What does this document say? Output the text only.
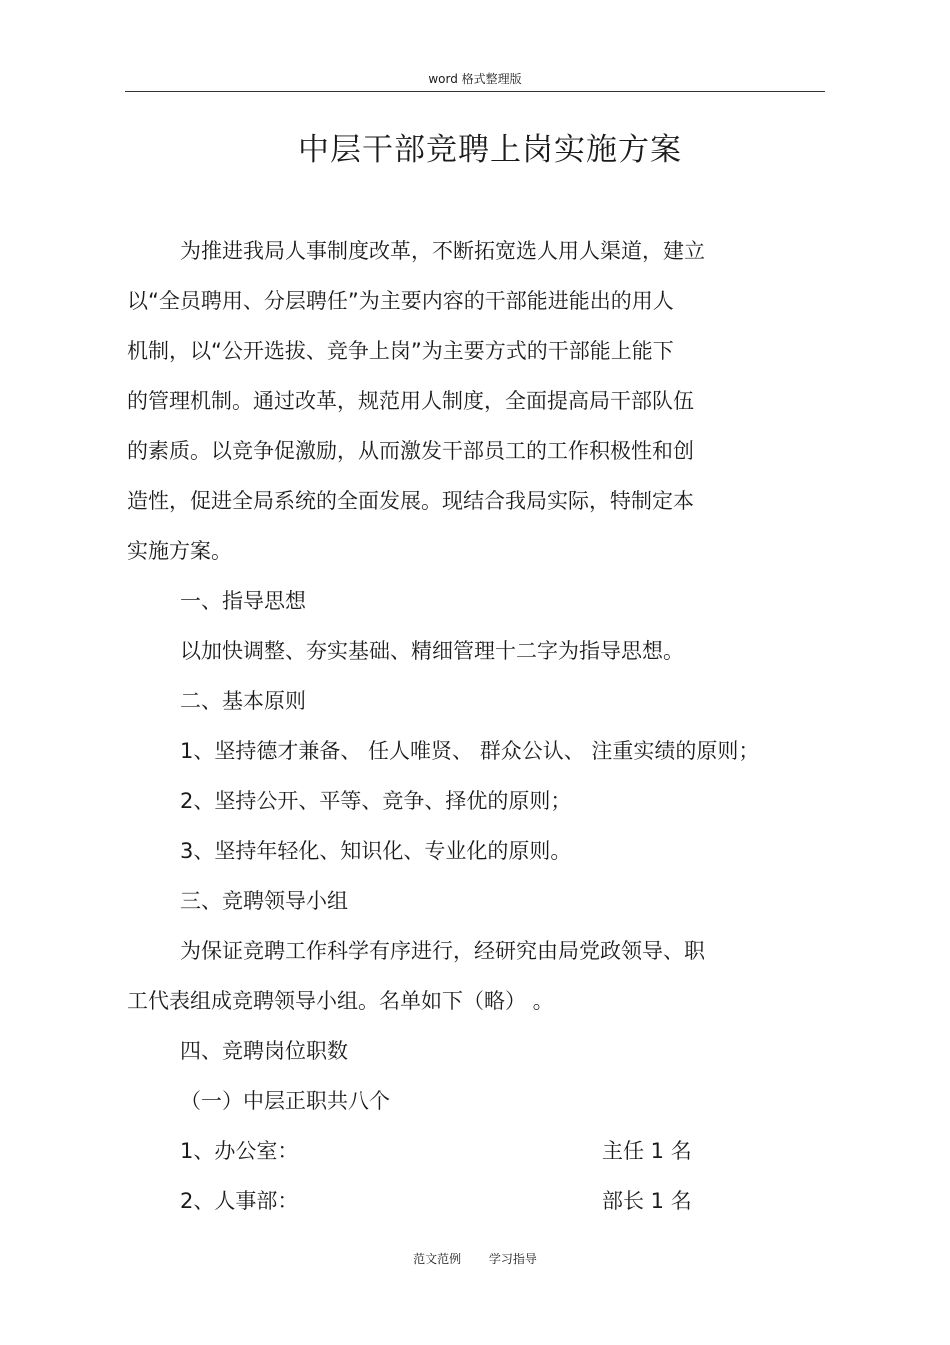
word 格式整理版
中层干部竞聘上岗实施方案
为推进我局人事制度改革，不断拓宽选人用人渠道，建立
以“全员聘用、分层聘任”为主要内容的干部能进能出的用人
机制，以“公开选拔、竞争上岗”为主要方式的干部能上能下
的管理机制。通过改革，规范用人制度，全面提高局干部队伍
的素质。以竞争促激励，从而激发干部员工的工作积极性和创
造性，促进全局系统的全面发展。现结合我局实际，特制定本
实施方案。
一、指导思想
以加快调整、夯实基础、精细管理十二字为指导思想。
二、基本原则
1、坚持德才兼备、 任人唯贤、 群众公认、 注重实绩的原则；
2、坚持公开、平等、竞争、择优的原则；
3、坚持年轻化、知识化、专业化的原则。
三、竞聘领导小组
为保证竞聘工作科学有序进行，经研究由局党政领导、职
工代表组成竞聘领导小组。名单如下（略） 。
四、竞聘岗位职数
（一）中层正职共八个
1、办公室：	主任 1 名
2、人事部：	部长 1 名
范文范例 学习指导
